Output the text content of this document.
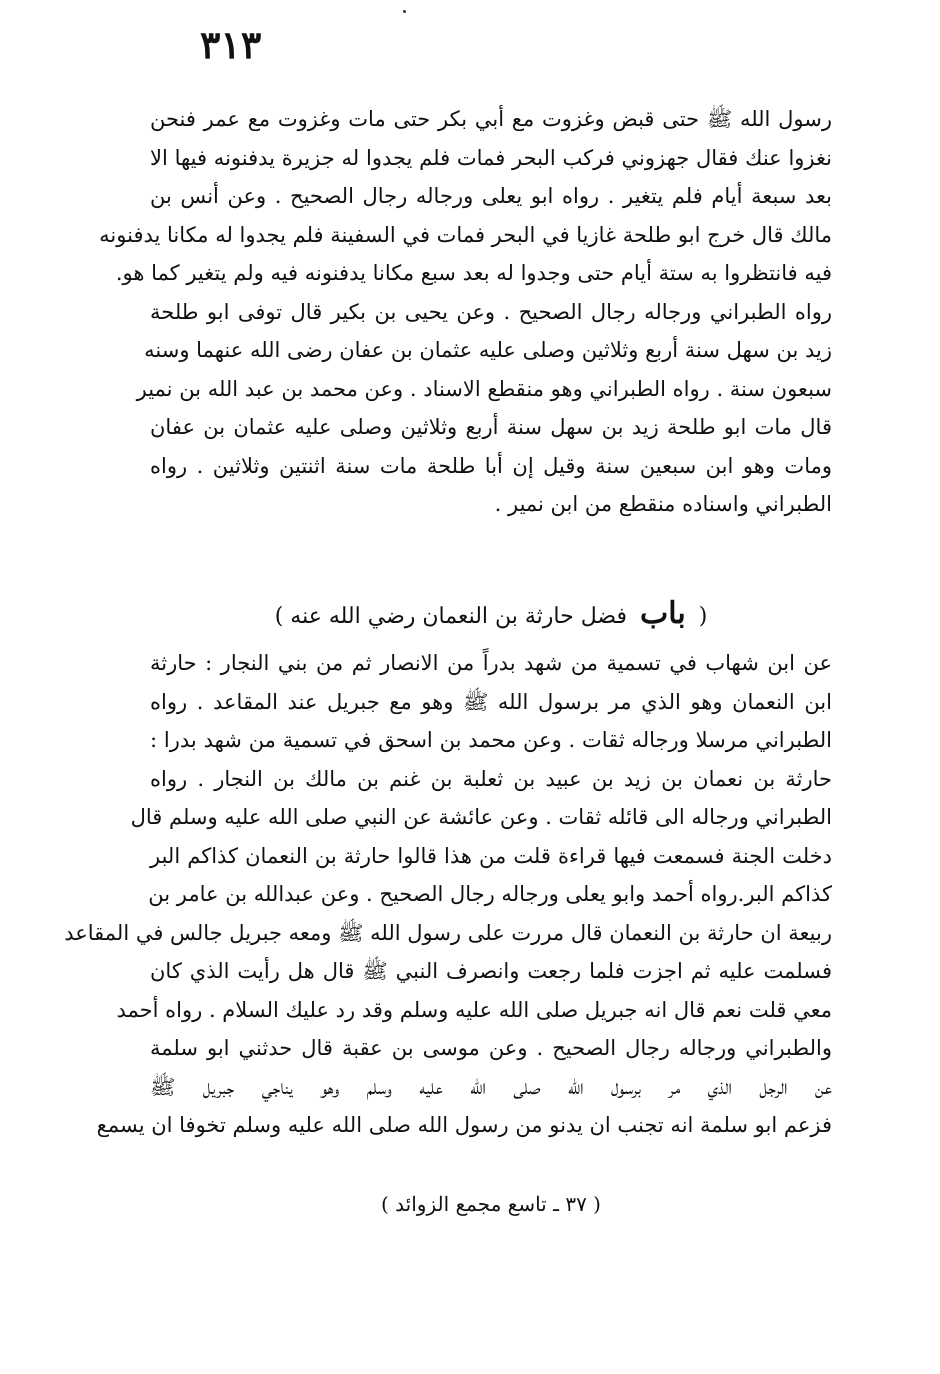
٣١٣
رسول الله ﷺ حتى قبض وغزوت مع أبي بكر حتى مات وغزوت مع عمر فنحن
نغزوا عنك فقال جهزوني فركب البحر فمات فلم يجدوا له جزيرة يدفنونه فيها الا
بعد سبعة أيام فلم يتغير . رواه ابو يعلى ورجاله رجال الصحيح . وعن أنس بن
مالك قال خرج ابو طلحة غازيا في البحر فمات في السفينة فلم يجدوا له مكانا يدفنونه
فيه فانتظروا به ستة أيام حتى وجدوا له بعد سبع مكانا يدفنونه فيه ولم يتغير كما هو.
رواه الطبراني ورجاله رجال الصحيح . وعن يحيى بن بكير قال توفى ابو طلحة
زيد بن سهل سنة أربع وثلاثين وصلى عليه عثمان بن عفان رضى الله عنهما وسنه
سبعون سنة . رواه الطبراني وهو منقطع الاسناد . وعن محمد بن عبد الله بن نمير
قال مات ابو طلحة زيد بن سهل سنة أربع وثلاثين وصلى عليه عثمان بن عفان
ومات وهو ابن سبعين سنة وقيل إن أبا طلحة مات سنة اثنتين وثلاثين . رواه
الطبراني واسناده منقطع من ابن نمير .
( باب فضل حارثة بن النعمان رضي الله عنه )
عن ابن شهاب في تسمية من شهد بدراً من الانصار ثم من بني النجار : حارثة
ابن النعمان وهو الذي مر برسول الله ﷺ وهو مع جبريل عند المقاعد . رواه
الطبراني مرسلا ورجاله ثقات . وعن محمد بن اسحق في تسمية من شهد بدرا :
حارثة بن نعمان بن زيد بن عبيد بن ثعلبة بن غنم بن مالك بن النجار . رواه
الطبراني ورجاله الى قائله ثقات . وعن عائشة عن النبي صلى الله عليه وسلم قال
دخلت الجنة فسمعت فيها قراءة قلت من هذا قالوا حارثة بن النعمان كذاكم البر
كذاكم البر.رواه أحمد وابو يعلى ورجاله رجال الصحيح . وعن عبدالله بن عامر بن
ربيعة ان حارثة بن النعمان قال مررت على رسول الله ﷺ ومعه جبريل جالس في المقاعد
فسلمت عليه ثم اجزت فلما رجعت وانصرف النبي ﷺ قال هل رأيت الذي كان
معي قلت نعم قال انه جبريل صلى الله عليه وسلم وقد رد عليك السلام . رواه أحمد
والطبراني ورجاله رجال الصحيح . وعن موسى بن عقبة قال حدثني ابو سلمة
عن الرجل الذي مر برسول الله صلى الله عليه وسلم وهو يناجي جبريل ﷺ
فزعم ابو سلمة انه تجنب ان يدنو من رسول الله صلى الله عليه وسلم تخوفا ان يسمع
( ٣٧ ـ تاسع مجمع الزوائد )
